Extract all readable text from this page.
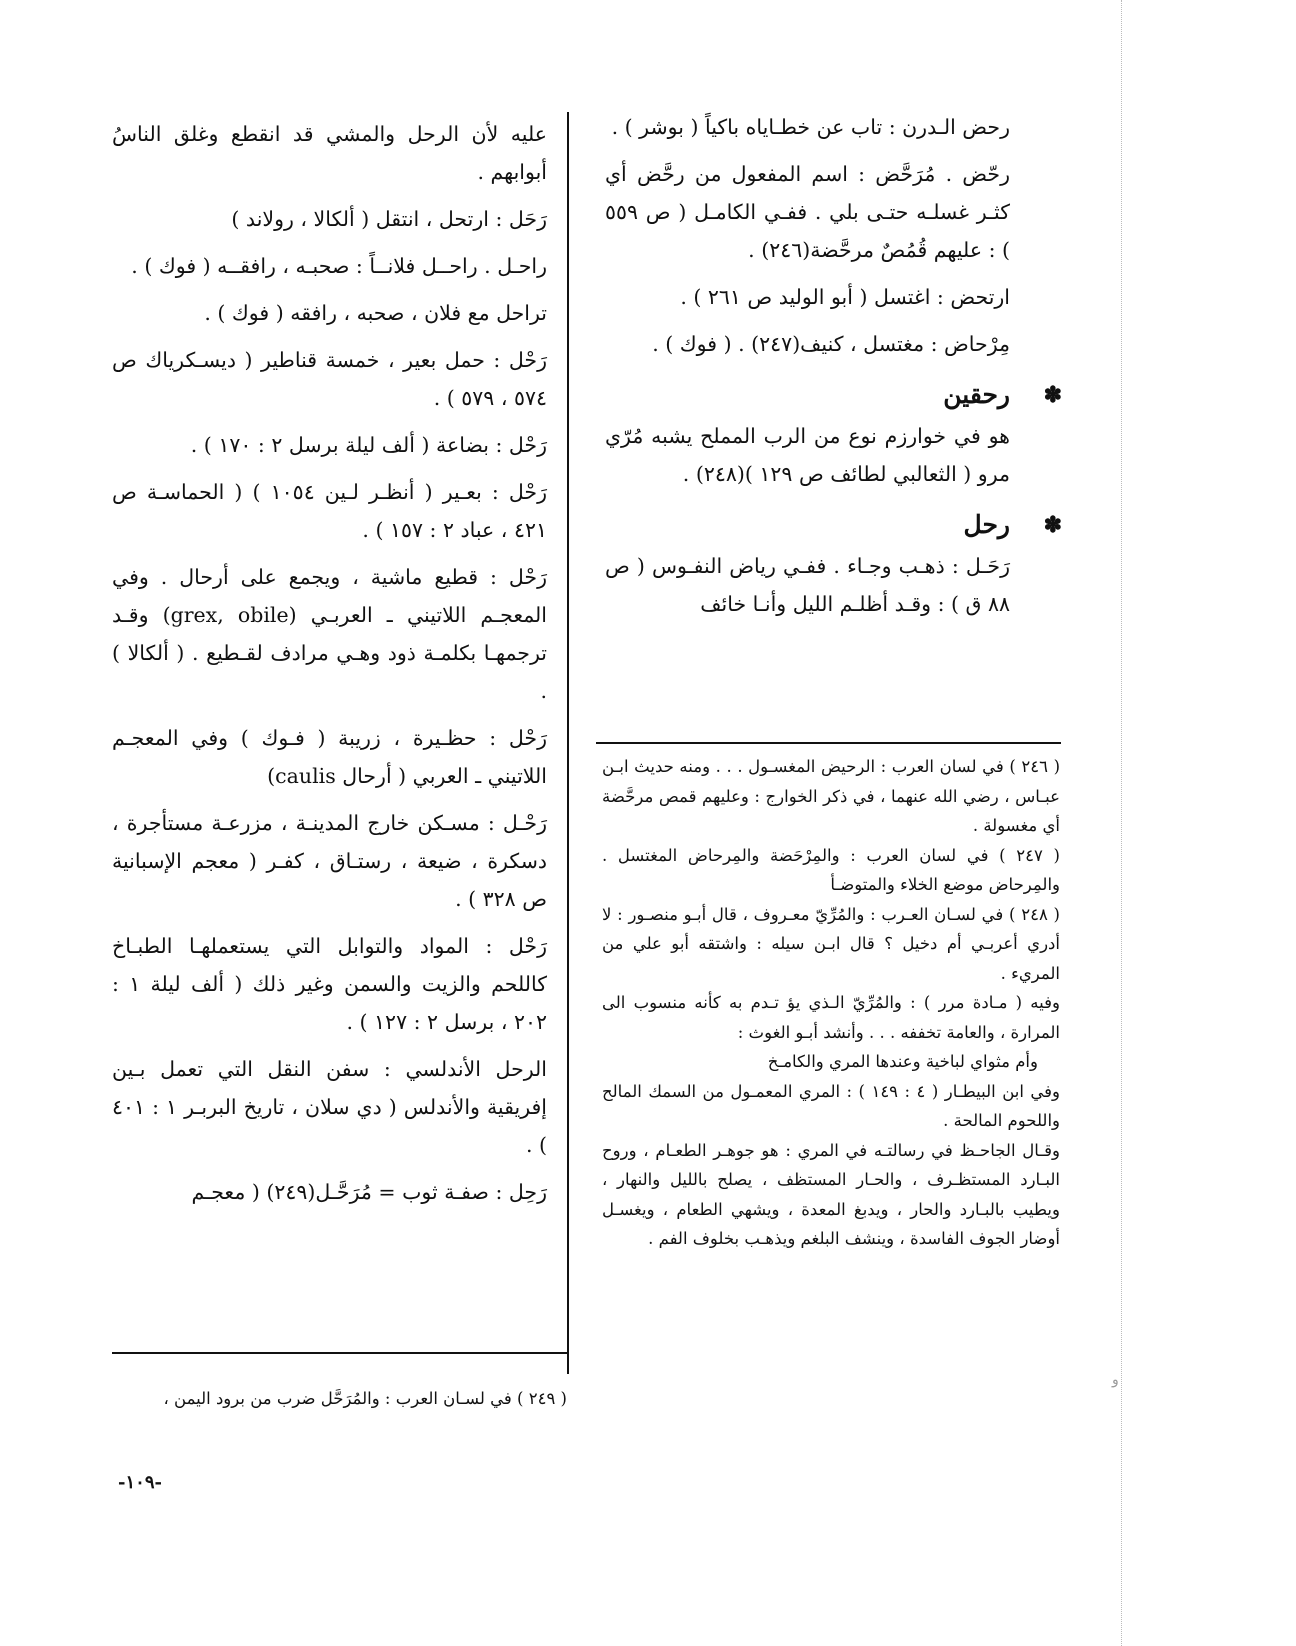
رحض الـدرن : تاب عن خطـاياه باكياً ( بوشر ) .

رحّض . مُرَحَّض : اسم المفعول من رحَّض أي كثـر غسلـه حتـى بلي . ففـي الكامـل ( ص ٥٥٩ ) : عليهم قُمُصٌ مرحَّضة(٢٤٦) .

ارتحض : اغتسل ( أبو الوليد ص ٢٦١ ) .

مِرْحاض : مغتسل ، كنيف(٢٤٧) . ( فوك ) .

✽
رحقين

هو في خوارزم نوع من الرب المملح يشبه مُرّي مرو ( الثعالبي لطائف ص ١٢٩ )(٢٤٨) .

✽
رحل

رَحَـل : ذهـب وجـاء . ففـي رياض النفـوس ( ص ٨٨ ق ) : وقـد أظلـم الليل وأنـا خائف

( ٢٤٦ ) في لسان العرب : الرحيض المغسـول . . . ومنه حديث ابـن عبـاس ، رضي الله عنهما ، في ذكر الخوارج : وعليهم قمص مرحَّضة أي مغسولة .

( ٢٤٧ ) في لسان العرب : والمِرْحَضة والمِرحاض المغتسل . والمِرحاض موضع الخلاء والمتوضـأ

( ٢٤٨ ) في لسـان العـرب : والمُرِّيّ معـروف ، قال أبـو منصـور : لا أدري أعربـي أم دخيل ؟ قال ابـن سيله : واشتقه أبو علي من المريء .

وفيه ( مـادة مرر ) : والمُرِّيّ الـذي يؤ تـدم به كأنه منسوب الى المرارة ، والعامة تخففه . . . وأنشد أبـو الغوث :

وأم مثواي لباخية وعندها المري والكامـخ

وفي ابن البيطـار ( ٤ : ١٤٩ ) : المري المعمـول من السمك المالح واللحوم المالحة .

وقـال الجاحـظ في رسالتـه في المري : هو جوهـر الطعـام ، وروح البـارد المستظـرف ، والحـار المستظف ، يصلح بالليل والنهار ، ويطيب بالبـارد والحار ، ويدبغ المعدة ، ويشهي الطعام ، ويغسـل أوضار الجوف الفاسدة ، وينشف البلغم ويذهـب بخلوف الفم .

عليه لأن الرحل والمشي قد انقطع وغلق الناسُ أبوابهم .

رَحَل : ارتحل ، انتقل ( ألكالا ، رولاند )

راحـل . راحــل فلانــاً : صحبـه ، رافقــه ( فوك ) .

تراحل مع فلان ، صحبه ، رافقه ( فوك ) .

رَحْل : حمل بعير ، خمسة قناطير ( ديسـكرياك ص ٥٧٤ ، ٥٧٩ ) .

رَحْل : بضاعة ( ألف ليلة برسل ٢ : ١٧٠ ) .

رَحْل : بعـير ( أنظـر لـين ١٠٥٤ ) ( الحماسـة ص ٤٢١ ، عباد ٢ : ١٥٧ ) .

رَحْل : قطيع ماشية ، ويجمع على أرحال . وفي المعجـم اللاتيني ـ العربـي (grex, obile) وقـد ترجمهـا بكلمـة ذود وهـي مرادف لقـطيع . ( ألكالا ) .

رَحْل : حظـيرة ، زريبة ( فـوك ) وفي المعجـم اللاتيني ـ العربي ( أرحال caulis)

رَحْـل : مسـكن خارج المدينـة ، مزرعـة مستأجرة ، دسكرة ، ضيعة ، رستـاق ، كفـر ( معجم الإسبانية ص ٣٢٨ ) .

رَحْل : المواد والتوابل التي يستعملهـا الطبـاخ كاللحم والزيت والسمن وغير ذلك ( ألف ليلة ١ : ٢٠٢ ، برسل ٢ : ١٢٧ ) .

الرحل الأندلسي : سفن النقل التي تعمل بـين إفريقية والأندلس ( دي سلان ، تاريخ البربـر ١ : ٤٠١ ) .

رَحِل : صفـة ثوب = مُرَحَّـل(٢٤٩) ( معجـم

( ٢٤٩ ) في لسـان العرب : والمُرَحَّل ضرب من برود اليمن ،

-١٠٩-
ﻭ
